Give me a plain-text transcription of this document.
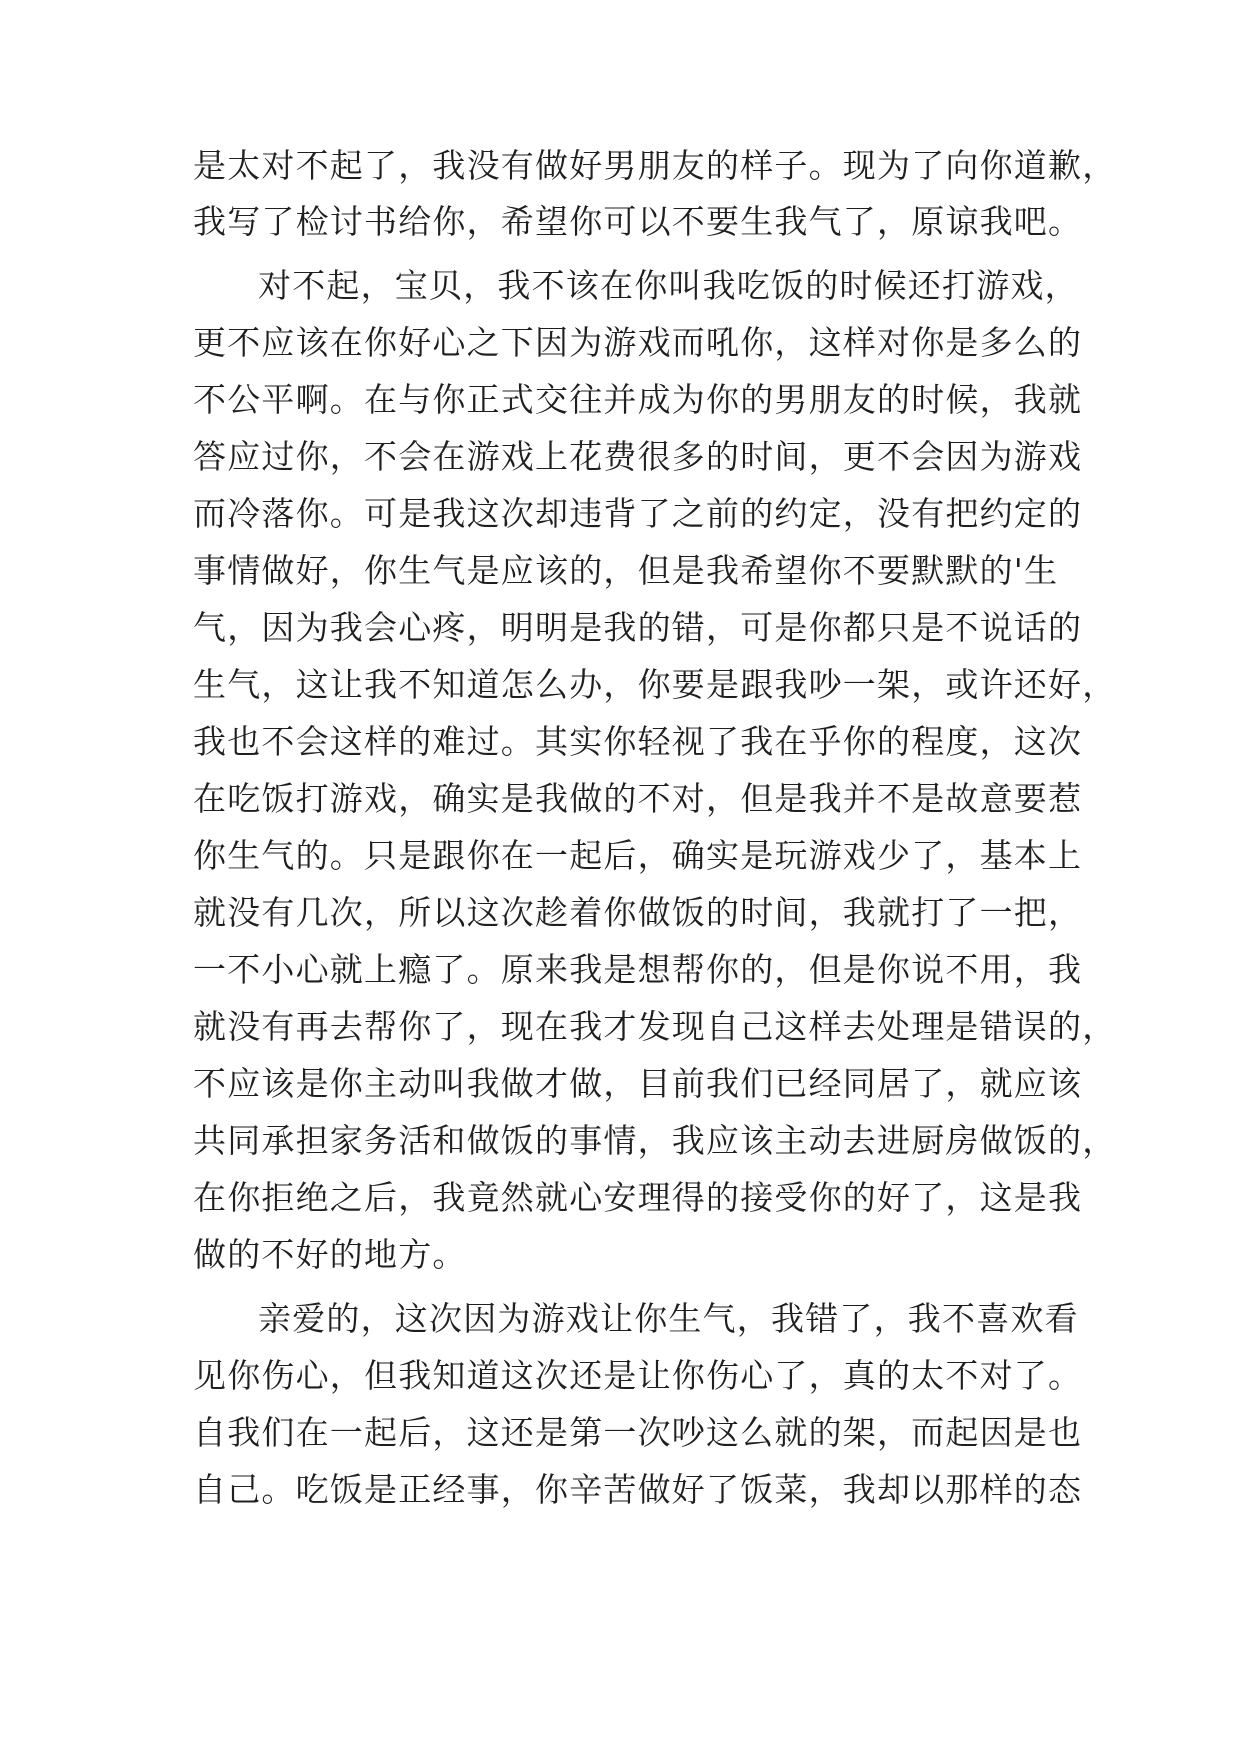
是太对不起了，我没有做好男朋友的样子。现为了向你道歉，
我写了检讨书给你，希望你可以不要生我气了，原谅我吧。
对不起，宝贝，我不该在你叫我吃饭的时候还打游戏，
更不应该在你好心之下因为游戏而吼你，这样对你是多么的
不公平啊。在与你正式交往并成为你的男朋友的时候，我就
答应过你，不会在游戏上花费很多的时间，更不会因为游戏
而冷落你。可是我这次却违背了之前的约定，没有把约定的
事情做好，你生气是应该的，但是我希望你不要默默的'生
气，因为我会心疼，明明是我的错，可是你都只是不说话的
生气，这让我不知道怎么办，你要是跟我吵一架，或许还好，
我也不会这样的难过。其实你轻视了我在乎你的程度，这次
在吃饭打游戏，确实是我做的不对，但是我并不是故意要惹
你生气的。只是跟你在一起后，确实是玩游戏少了，基本上
就没有几次，所以这次趁着你做饭的时间，我就打了一把，
一不小心就上瘾了。原来我是想帮你的，但是你说不用，我
就没有再去帮你了，现在我才发现自己这样去处理是错误的，
不应该是你主动叫我做才做，目前我们已经同居了，就应该
共同承担家务活和做饭的事情，我应该主动去进厨房做饭的，
在你拒绝之后，我竟然就心安理得的接受你的好了，这是我
做的不好的地方。
亲爱的，这次因为游戏让你生气，我错了，我不喜欢看
见你伤心，但我知道这次还是让你伤心了，真的太不对了。
自我们在一起后，这还是第一次吵这么就的架，而起因是也
自己。吃饭是正经事，你辛苦做好了饭菜，我却以那样的态
